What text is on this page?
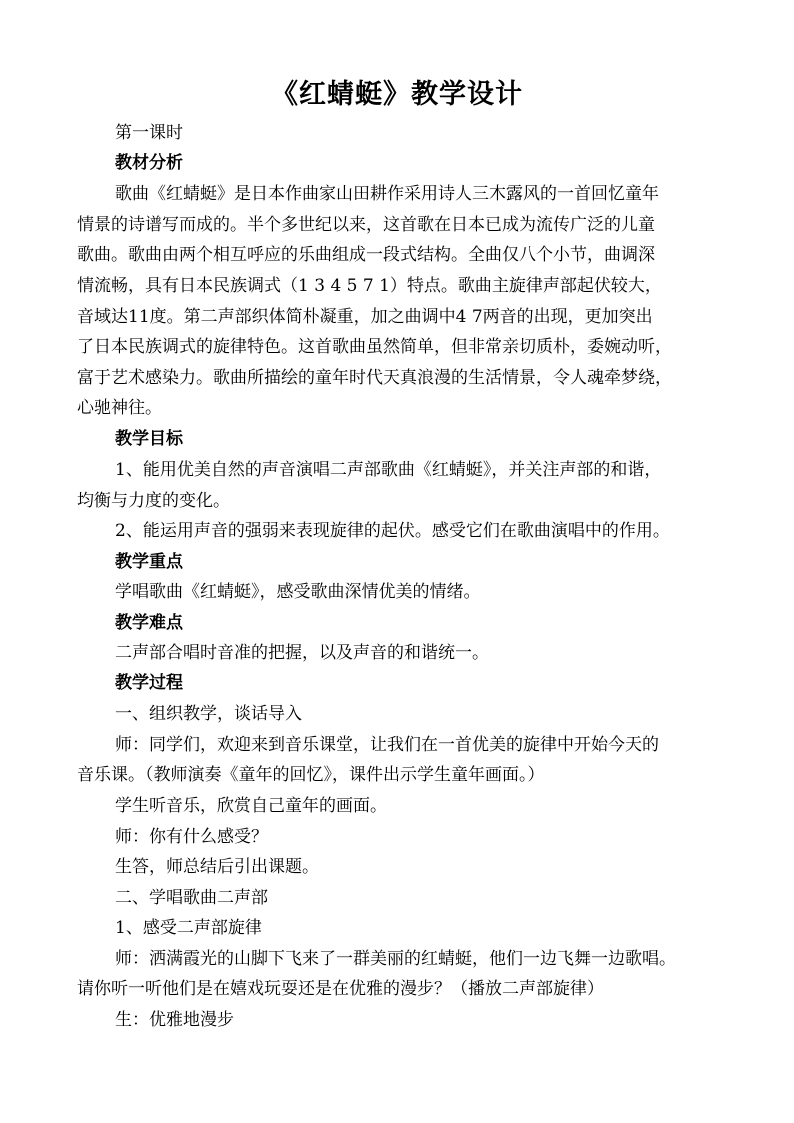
《红蜻蜓》教学设计
第一课时
教材分析
歌曲《红蜻蜓》是日本作曲家山田耕作采用诗人三木露风的一首回忆童年
情景的诗谱写而成的。半个多世纪以来，这首歌在日本已成为流传广泛的儿童
歌曲。歌曲由两个相互呼应的乐曲组成一段式结构。全曲仅八个小节，曲调深
情流畅，具有日本民族调式（1 3 4 5 7 1）特点。歌曲主旋律声部起伏较大，
音域达11度。第二声部织体简朴凝重，加之曲调中4 7两音的出现，更加突出
了日本民族调式的旋律特色。这首歌曲虽然简单，但非常亲切质朴，委婉动听，
富于艺术感染力。歌曲所描绘的童年时代天真浪漫的生活情景，令人魂牵梦绕，
心驰神往。
教学目标
1、能用优美自然的声音演唱二声部歌曲《红蜻蜓》，并关注声部的和谐，
均衡与力度的变化。
2、能运用声音的强弱来表现旋律的起伏。感受它们在歌曲演唱中的作用。
教学重点
学唱歌曲《红蜻蜓》，感受歌曲深情优美的情绪。
教学难点
二声部合唱时音准的把握，以及声音的和谐统一。
教学过程
一、组织教学，谈话导入
师：同学们，欢迎来到音乐课堂，让我们在一首优美的旋律中开始今天的
音乐课。（教师演奏《童年的回忆》，课件出示学生童年画面。）
学生听音乐，欣赏自己童年的画面。
师：你有什么感受？
生答，师总结后引出课题。
二、学唱歌曲二声部
1、感受二声部旋律
师：洒满霞光的山脚下飞来了一群美丽的红蜻蜓，他们一边飞舞一边歌唱。
请你听一听他们是在嬉戏玩耍还是在优雅的漫步？（播放二声部旋律）
生：优雅地漫步
